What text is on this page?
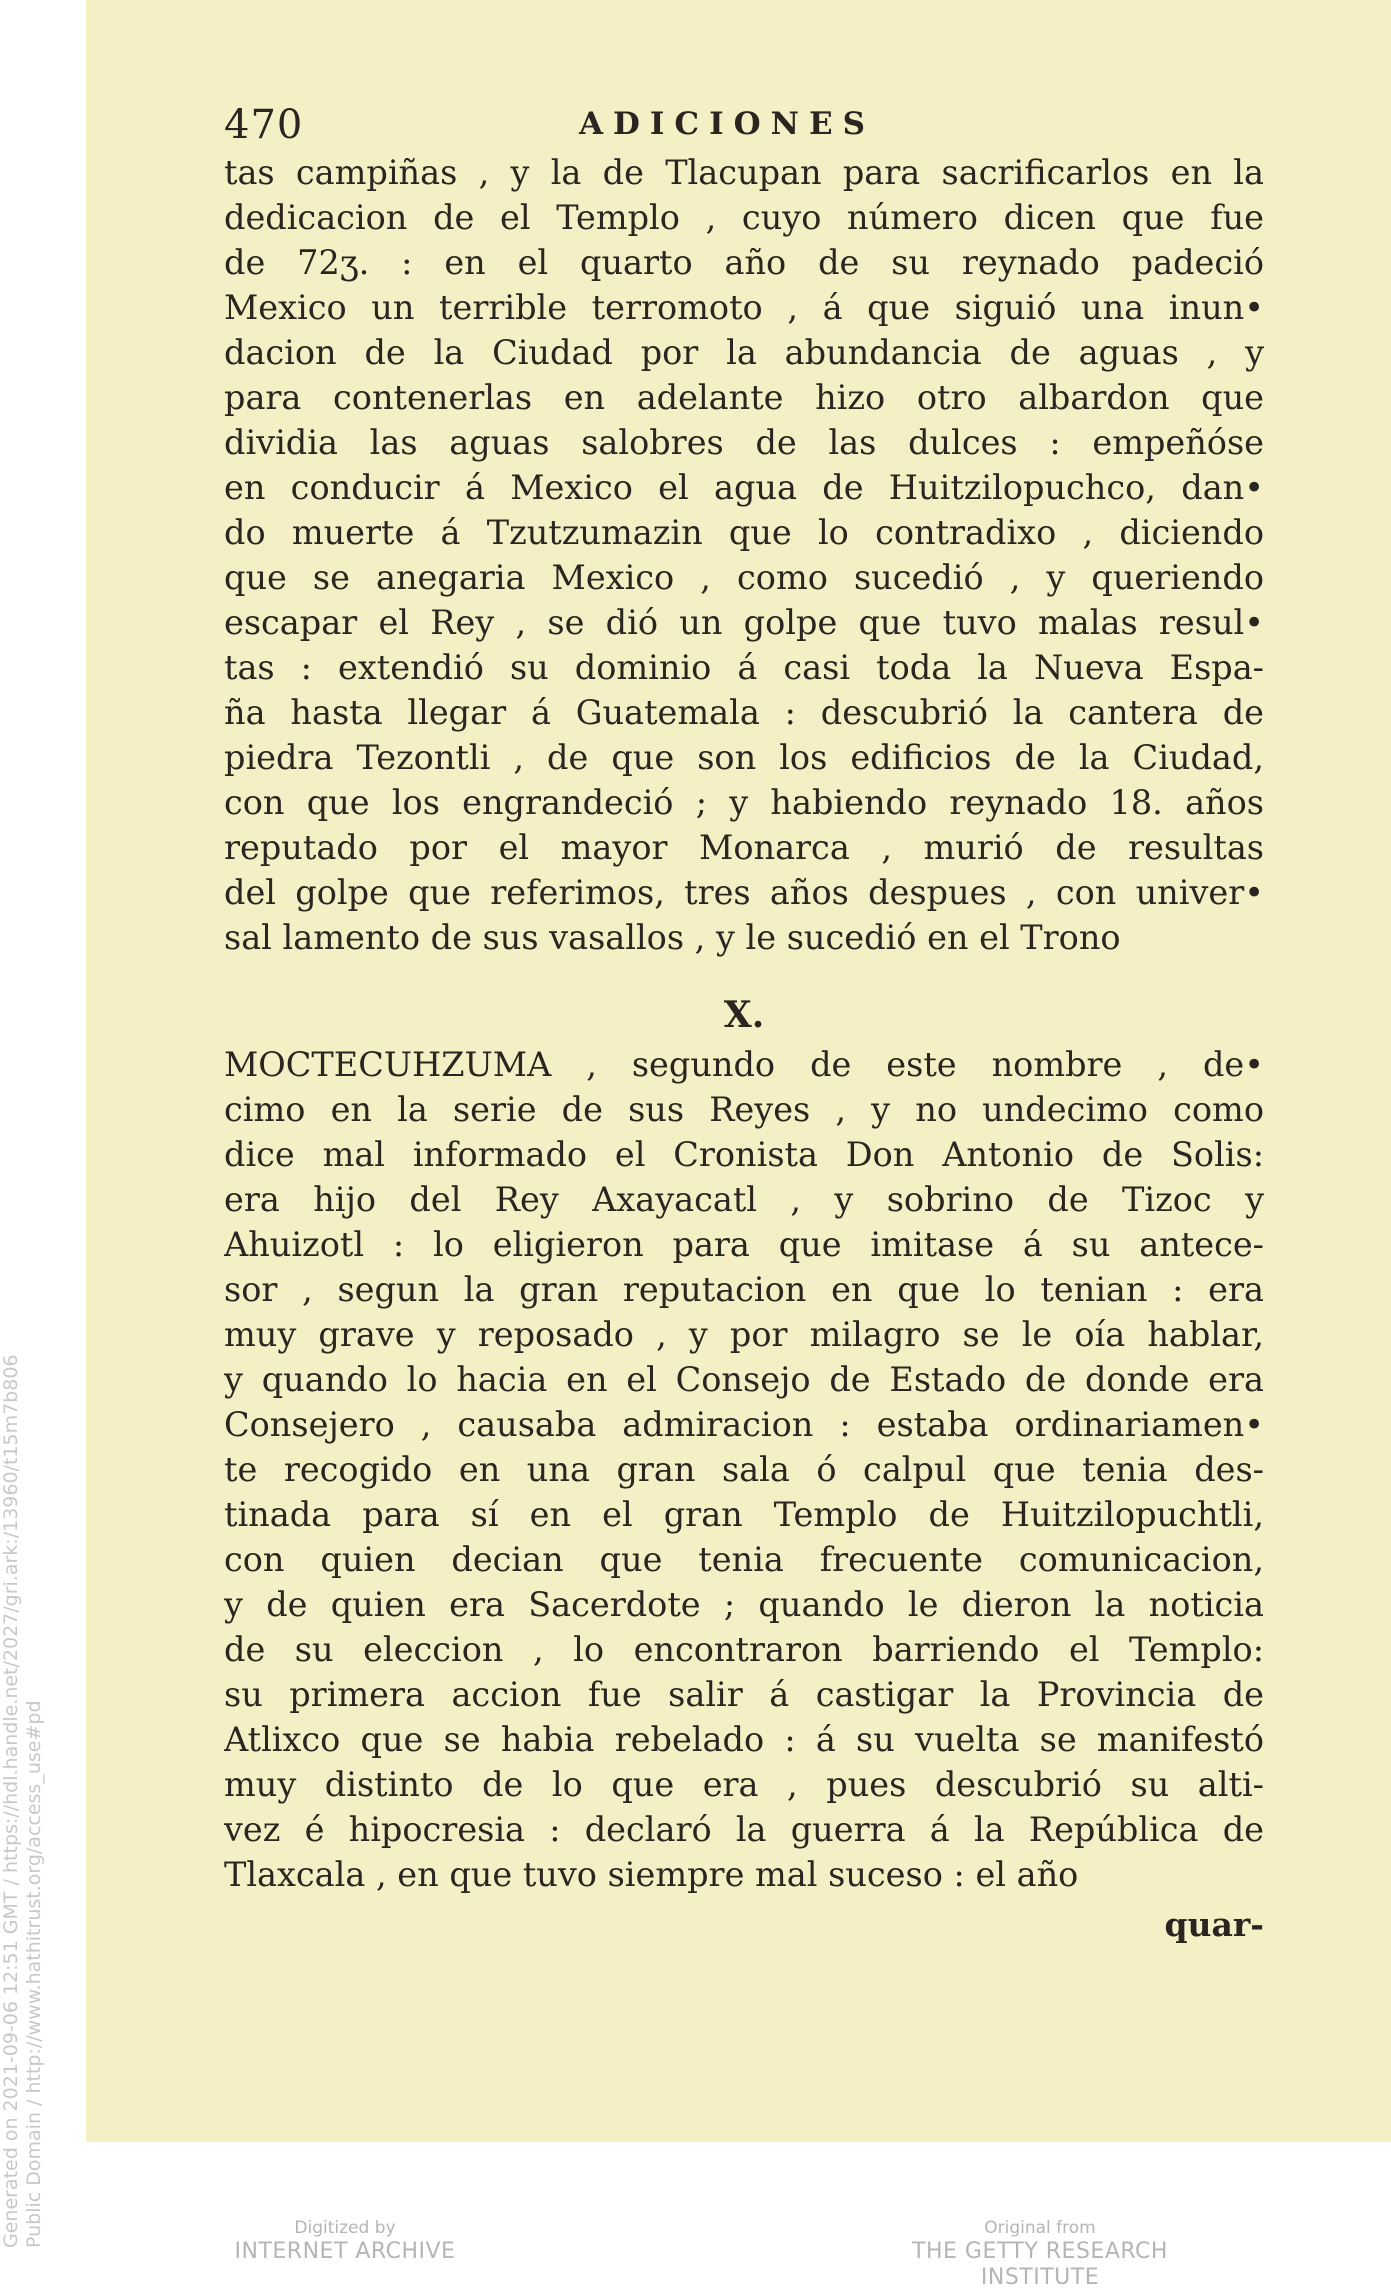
470	ADICIONES
tas campiñas , y la de Tlacupan para sacrificarlos en la
dedicacion de el Templo , cuyo número dicen que fue
de 72ʒ. : en el quarto año de su reynado padeció
Mexico un terrible terromoto , á que siguió una inun•
dacion de la Ciudad por la abundancia de aguas , y
para contenerlas en adelante hizo otro albardon que
dividia las aguas salobres de las dulces : empeñóse
en conducir á Mexico el agua de Huitzilopuchco, dan•
do muerte á Tzutzumazin que lo contradixo , diciendo
que se anegaria Mexico , como sucedió , y queriendo
escapar el Rey , se dió un golpe que tuvo malas resul•
tas : extendió su dominio á casi toda la Nueva Espa-
ña hasta llegar á Guatemala : descubrió la cantera de
piedra Tezontli , de que son los edificios de la Ciudad,
con que los engrandeció ; y habiendo reynado 18. años
reputado por el mayor Monarca , murió de resultas
del golpe que referimos, tres años despues , con univer•
sal lamento de sus vasallos , y le sucedió en el Trono
X.
MOCTECUHZUMA , segundo de este nombre , de•
cimo en la serie de sus Reyes , y no undecimo como
dice mal informado el Cronista Don Antonio de Solis:
era hijo del Rey Axayacatl , y sobrino de Tizoc y
Ahuizotl : lo eligieron para que imitase á su antece-
sor , segun la gran reputacion en que lo tenian : era
muy grave y reposado , y por milagro se le oía hablar,
y quando lo hacia en el Consejo de Estado de donde era
Consejero , causaba admiracion : estaba ordinariamen•
te recogido en una gran sala ó calpul que tenia des-
tinada para sí en el gran Templo de Huitzilopuchtli,
con quien decian que tenia frecuente comunicacion,
y de quien era Sacerdote ; quando le dieron la noticia
de su eleccion , lo encontraron barriendo el Templo:
su primera accion fue salir á castigar la Provincia de
Atlixco que se habia rebelado : á su vuelta se manifestó
muy distinto de lo que era , pues descubrió su alti-
vez é hipocresia : declaró la guerra á la República de
Tlaxcala , en que tuvo siempre mal suceso : el año
quar-
Generated on 2021-09-06 12:51 GMT / https://hdl.handle.net/2027/gri.ark:/13960/t15m7b806 Public Domain / http://www.hathitrust.org/access_use#pd	Digitized by
INTERNET ARCHIVE
Original from
THE GETTY RESEARCH INSTITUTE
